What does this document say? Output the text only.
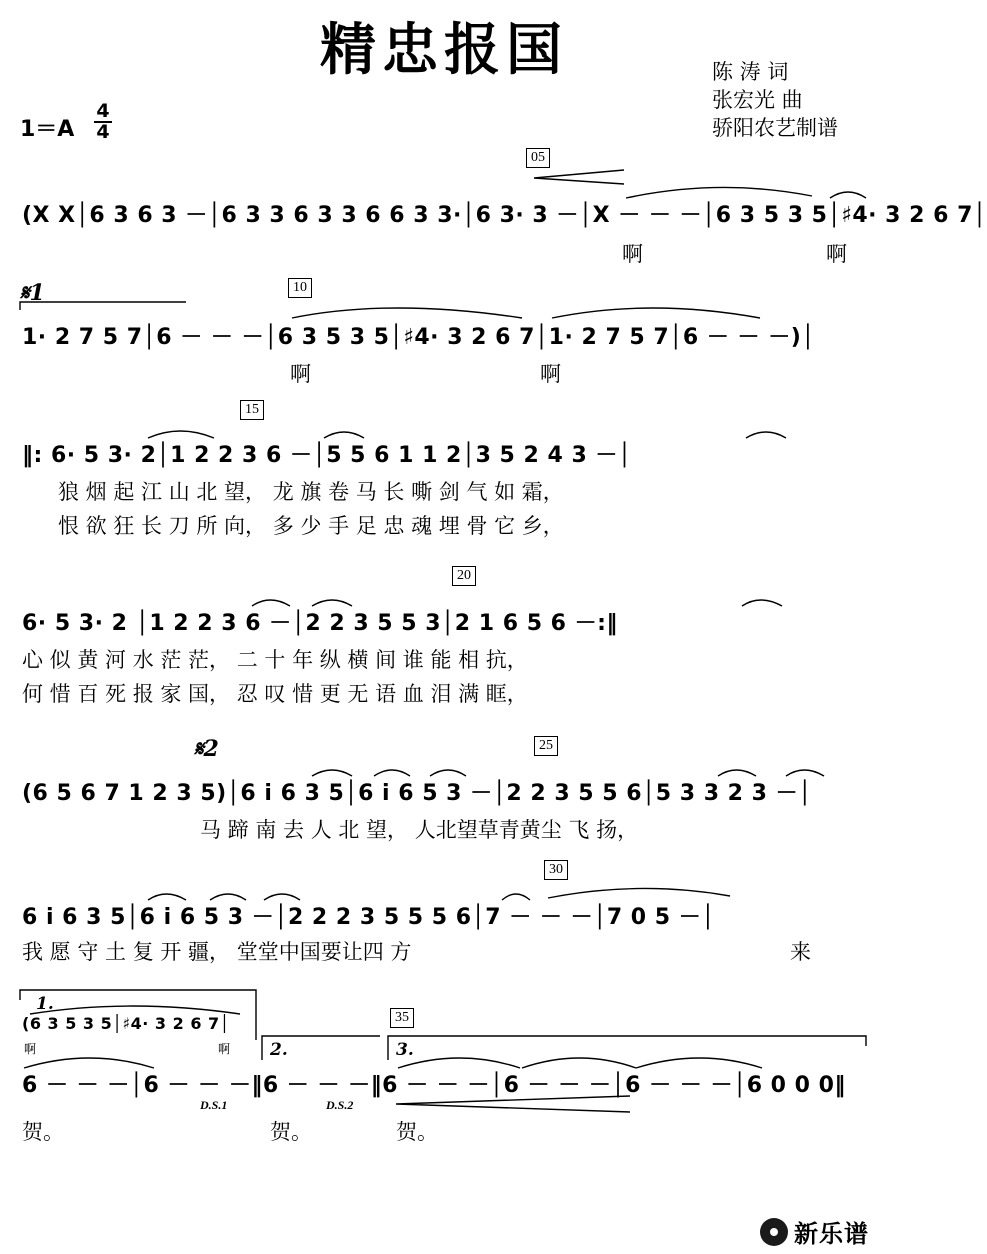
精忠报国	陈 涛 词
张宏光 曲
骄阳农艺制谱
1＝A
4
4
05
10
15
20
25
30
35
𝄋1
𝄋2
D.S.1	D.S.2
1.
2.	3.
(X X│6 3 6 3 －│6 3 3 6 3 3 6 6 3 3·│6 3· 3 －│X － － －│6 3 5 3 5│♯4· 3 2 6 7│
啊	啊
1· 2 7 5 7│6 － － －│6 3 5 3 5│♯4· 3 2 6 7│1· 2 7 5 7│6 － － －)│
啊	啊
‖: 6· 5 3· 2│1 2 2 3 6 －│5 5 6 1 1 2│3 5 2 4 3 －│
狼 烟 起 江 山 北 望， 龙 旗 卷 马 长 嘶 剑 气 如 霜，
恨 欲 狂 长 刀 所 向， 多 少 手 足 忠 魂 埋 骨 它 乡，
6· 5 3· 2 │1 2 2 3 6 －│2 2 3 5 5 3│2 1 6 5 6 －:‖
心 似 黄 河 水 茫 茫， 二 十 年 纵 横 间 谁 能 相 抗，
何 惜 百 死 报 家 国， 忍 叹 惜 更 无 语 血 泪 满 眶，
(6 5 6 7 1 2 3 5)│6 i 6 3 5│6 i 6 5 3 －│2 2 3 5 5 6│5 3 3 2 3 －│
马 蹄 南 去 人 北 望， 人北望草青黄尘 飞 扬，
6 i 6 3 5│6 i 6 5 3 －│2 2 2 3 5 5 5 6│7 － － －│7 0 5 －│
我 愿 守 土 复 开 疆， 堂堂中国要让四 方	来
(6 3 5 3 5│♯4· 3 2 6 7│
啊	啊
6 － － －│6 － － －‖6 － － －‖6 － － －│6 － － －│6 － － －│6 0 0 0‖
贺。	贺。	贺。
新乐谱
